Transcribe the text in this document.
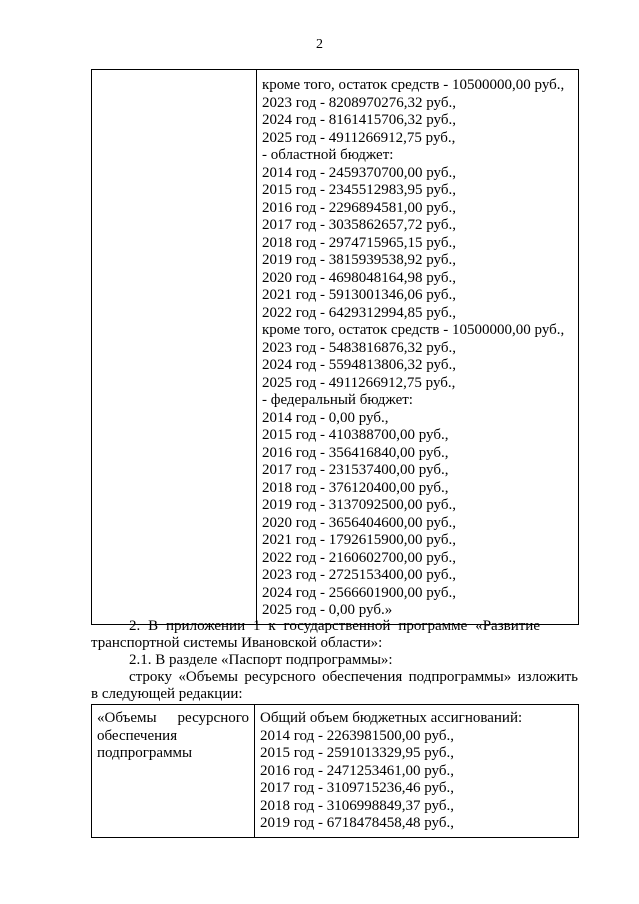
2

кроме того, остаток средств - 10500000,00 руб.,
2023 год - 8208970276,32 руб.,
2024 год - 8161415706,32 руб.,
2025 год - 4911266912,75 руб.,
- областной бюджет:
2014 год - 2459370700,00 руб.,
2015 год - 2345512983,95 руб.,
2016 год - 2296894581,00 руб.,
2017 год - 3035862657,72 руб.,
2018 год - 2974715965,15 руб.,
2019 год - 3815939538,92 руб.,
2020 год - 4698048164,98 руб.,
2021 год - 5913001346,06 руб.,
2022 год - 6429312994,85 руб.,
кроме того, остаток средств - 10500000,00 руб.,
2023 год - 5483816876,32 руб.,
2024 год - 5594813806,32 руб.,
2025 год - 4911266912,75 руб.,
- федеральный бюджет:
2014 год - 0,00 руб.,
2015 год - 410388700,00 руб.,
2016 год - 356416840,00 руб.,
2017 год - 231537400,00 руб.,
2018 год - 376120400,00 руб.,
2019 год - 3137092500,00 руб.,
2020 год - 3656404600,00 руб.,
2021 год - 1792615900,00 руб.,
2022 год - 2160602700,00 руб.,
2023 год - 2725153400,00 руб.,
2024 год - 2566601900,00 руб.,
2025 год - 0,00 руб.»
2. В приложении 1 к государственной программе «Развитие
транспортной системы Ивановской области»:
2.1. В разделе «Паспорт подпрограммы»:
строку «Объемы ресурсного обеспечения подпрограммы» изложить
в следующей редакции:
«Объемы ресурсного
обеспечения
подпрограммы

Общий объем бюджетных ассигнований:
2014 год - 2263981500,00 руб.,
2015 год - 2591013329,95 руб.,
2016 год - 2471253461,00 руб.,
2017 год - 3109715236,46 руб.,
2018 год - 3106998849,37 руб.,
2019 год - 6718478458,48 руб.,
